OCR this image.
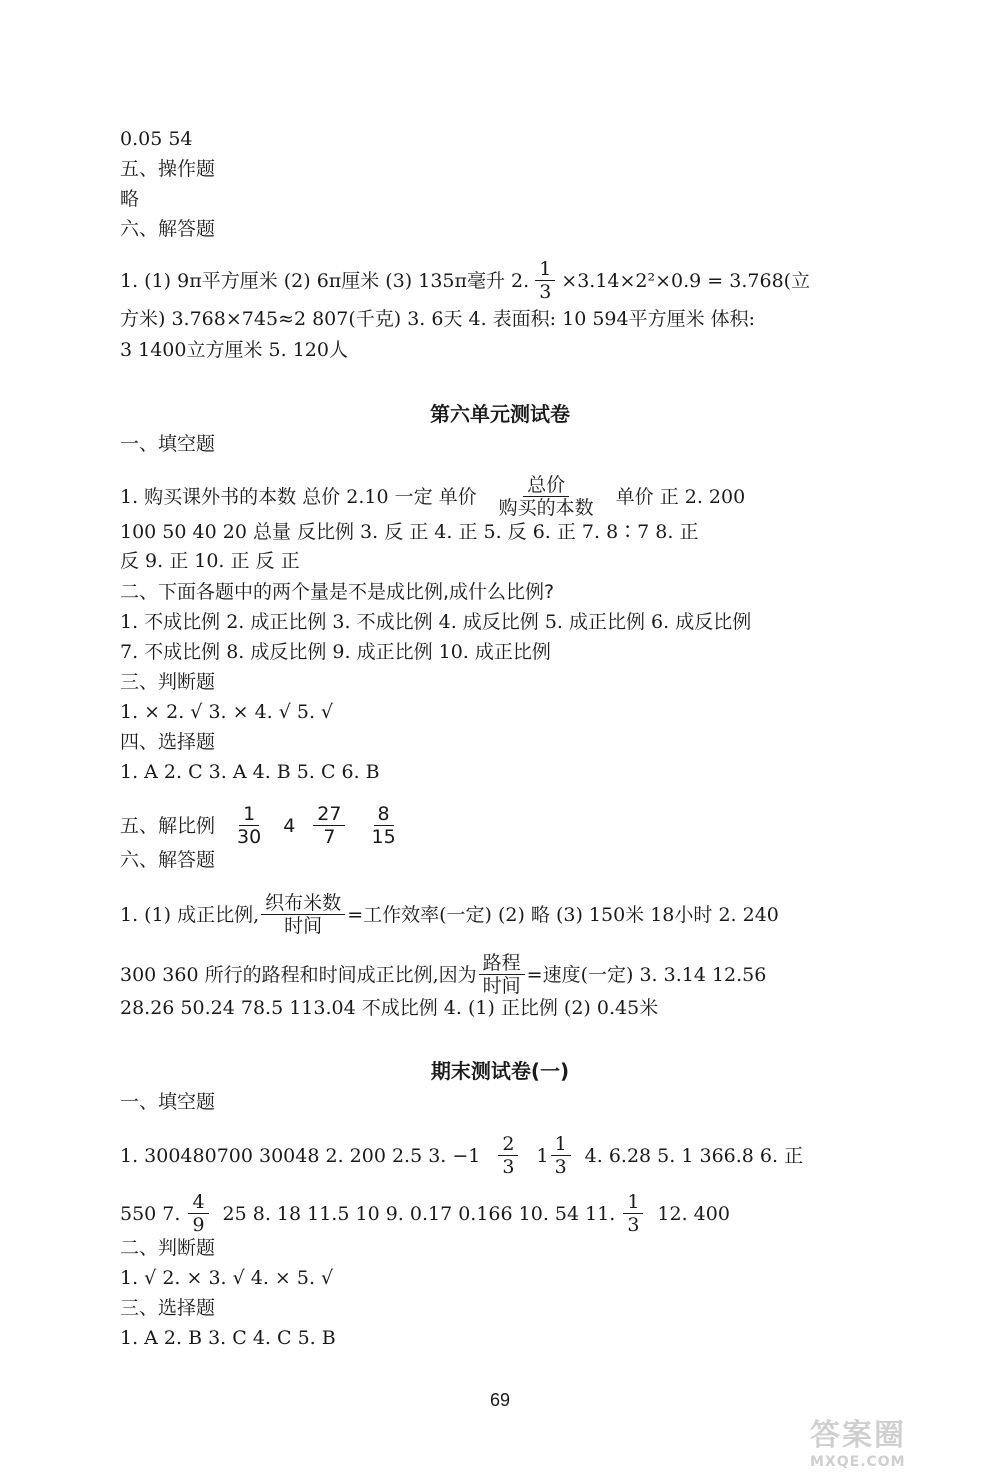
0.05 54
五、操作题
略
六、解答题
1. (1) 9π平方厘米 (2) 6π厘米 (3) 135π毫升 2. $\frac{1}{3} \times 3.14\times 2^2\times 0.9 = 3.768$(立
方米) 3.768×745≈2 807(千克) 3. 6天 4. 表面积: 10 594平方厘米 体积:
3 1400立方厘米 5. 120人
第六单元测试卷
一、填空题
1. 购买课外书的本数 总价 2.10 一定 单价 $\frac{\text{总价}}{\text{购买的本数}}$ 单价 正 2. 200
100 50 40 20 总量 反比例 3. 反 正 4. 正 5. 反 6. 正 7. 8∶7 8. 正
反 9. 正 10. 正 反 正
二、下面各题中的两个量是不是成比例,成什么比例?
1. 不成比例 2. 成正比例 3. 不成比例 4. 成反比例 5. 成正比例 6. 成反比例
7. 不成比例 8. 成反比例 9. 成正比例 10. 成正比例
三、判断题
1. × 2. √ 3. × 4. √ 5. √
四、选择题
1. A 2. C 3. A 4. B 5. C 6. B
五、解比例 $\frac{1}{30} 4 \frac{27}{7} \frac{8}{15}$
六、解答题
1. (1) 成正比例, $\frac{\text{织布米数}}{\text{时间}}$ =工作效率(一定) (2) 略 (3) 150米 18小时 2. 240
300 360 所行的路程和时间成正比例,因为 $\frac{\text{路程}}{\text{时间}}$ =速度(一定) 3. 3.14 12.56
28.26 50.24 78.5 113.04 不成比例 4. (1) 正比例 (2) 0.45米
期末测试卷(一)
一、填空题
1. 300480700 30048 2. 200 2.5 3. $-1 \frac{2}{3} 1 \frac{1}{3} 4$. 6.28 5. 1 366.8 6. 正
550 7. $\frac{4}{9} 25$ 8. 18 11.5 10 9. 0.17 0.166 10. 54 11. $\frac{1}{3} 12$. 400
二、判断题
1. √ 2. × 3. √ 4. × 5. √
三、选择题
1. A 2. B 3. C 4. C 5. B
69
答案圈
MXQE.COM
